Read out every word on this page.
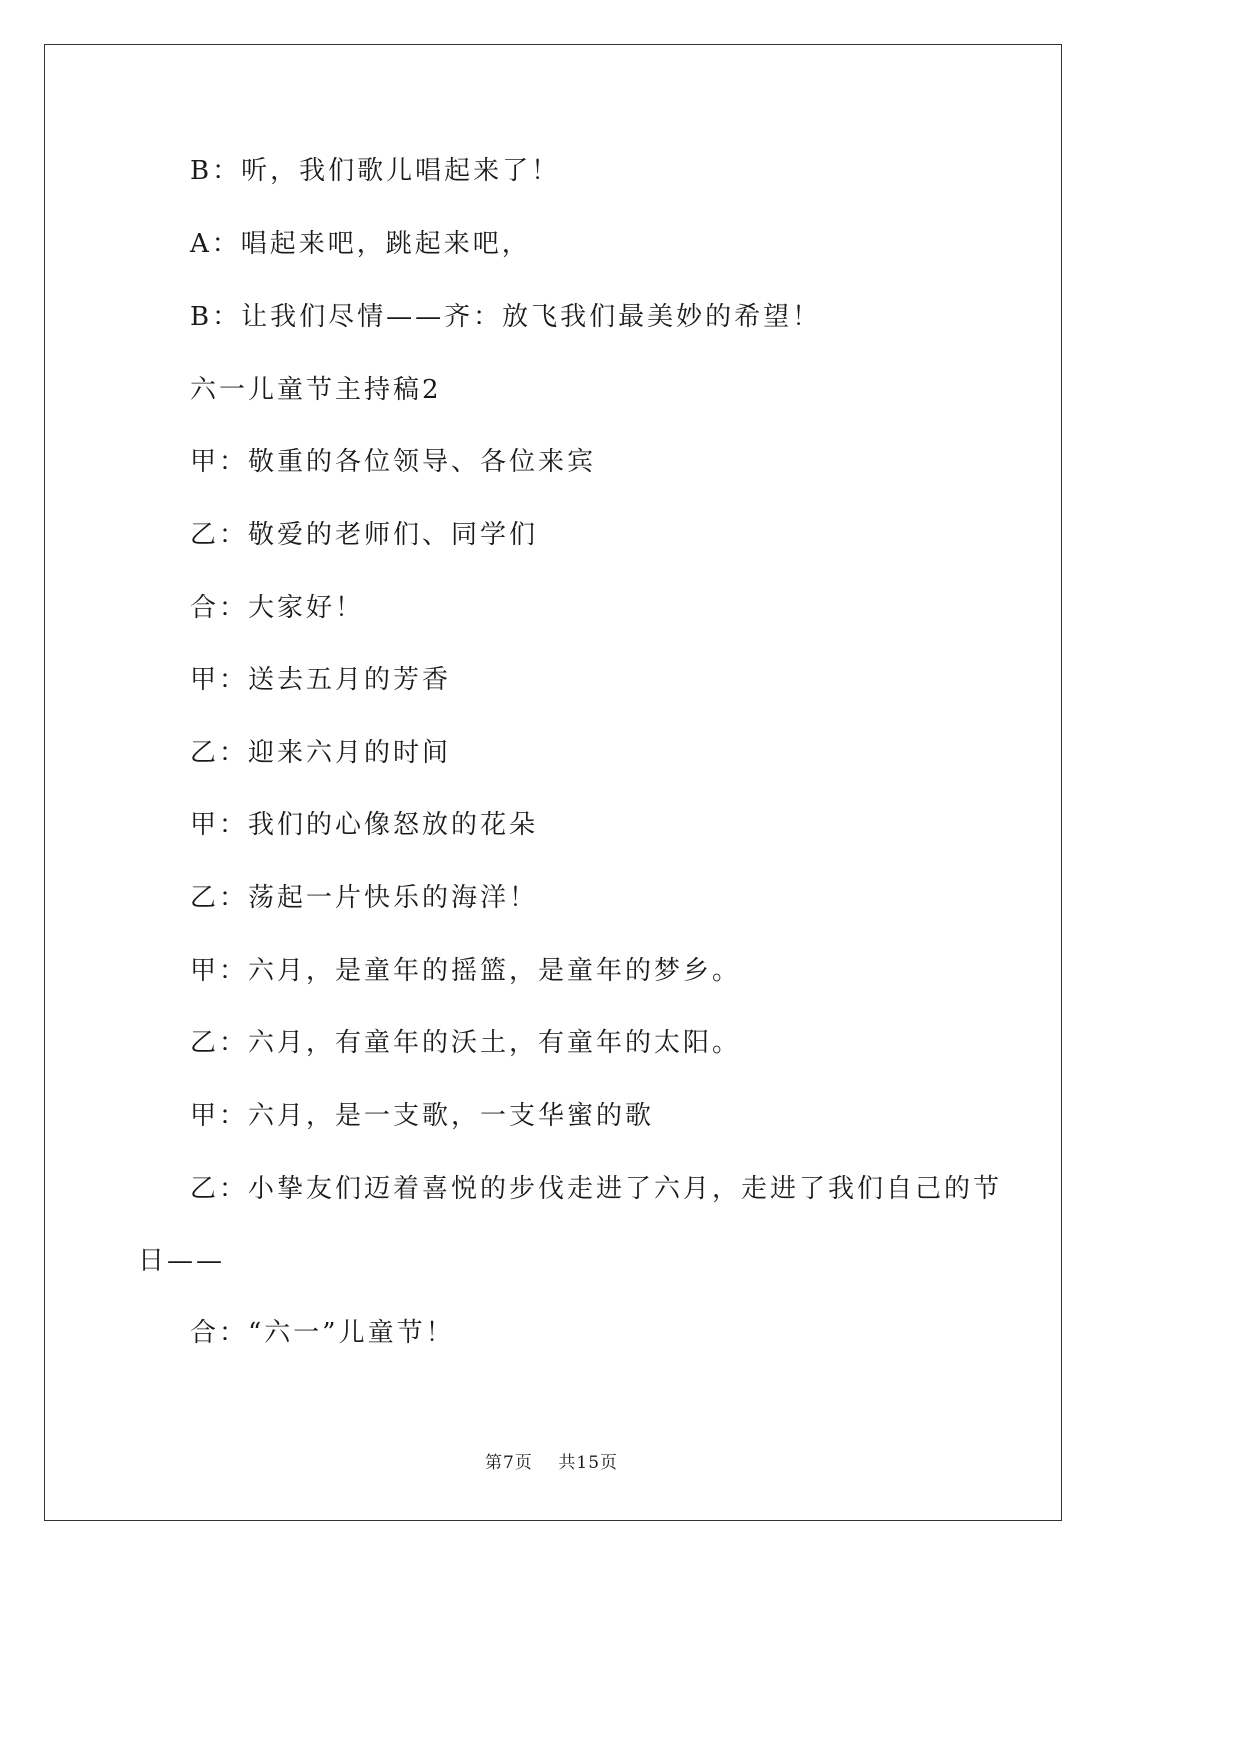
B：听，我们歌儿唱起来了！
A：唱起来吧，跳起来吧，
B：让我们尽情——齐：放飞我们最美妙的希望！
六一儿童节主持稿2
甲：敬重的各位领导、各位来宾
乙：敬爱的老师们、同学们
合：大家好！
甲：送去五月的芳香
乙：迎来六月的时间
甲：我们的心像怒放的花朵
乙：荡起一片快乐的海洋！
甲：六月，是童年的摇篮，是童年的梦乡。
乙：六月，有童年的沃土，有童年的太阳。
甲：六月，是一支歌，一支华蜜的歌
乙：小挚友们迈着喜悦的步伐走进了六月，走进了我们自己的节
日——
合：“六一”儿童节！
第7页 共15页
